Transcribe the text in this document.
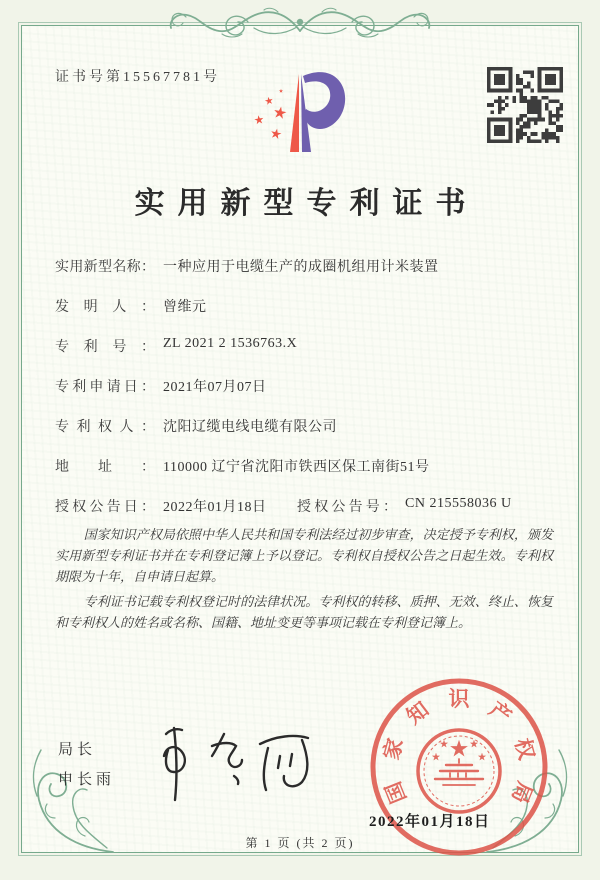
证书号第15567781号
实用新型专利证书
实用新型名称： 一种应用于电缆生产的成圈机组用计米装置
发明人： 曾维元
专利号： ZL 2021 2 1536763.X
专利申请日： 2021年07月07日
专利权人： 沈阳辽缆电线电缆有限公司
地址： 110000 辽宁省沈阳市铁西区保工南街51号
授权公告日： 2022年01月18日 授权公告号： CN 215558036 U

国家知识产权局依照中华人民共和国专利法经过初步审查，决定授予专利权，颁发实用新型专利证书并在专利登记簿上予以登记。专利权自授权公告之日起生效。专利权期限为十年，自申请日起算。

专利证书记载专利权登记时的法律状况。专利权的转移、质押、无效、终止、恢复和专利权人的姓名或名称、国籍、地址变更等事项记载在专利登记簿上。

局长
申长雨	国
家
知 识 产
权
局
2022年01月18日
第 1 页 (共 2 页)
